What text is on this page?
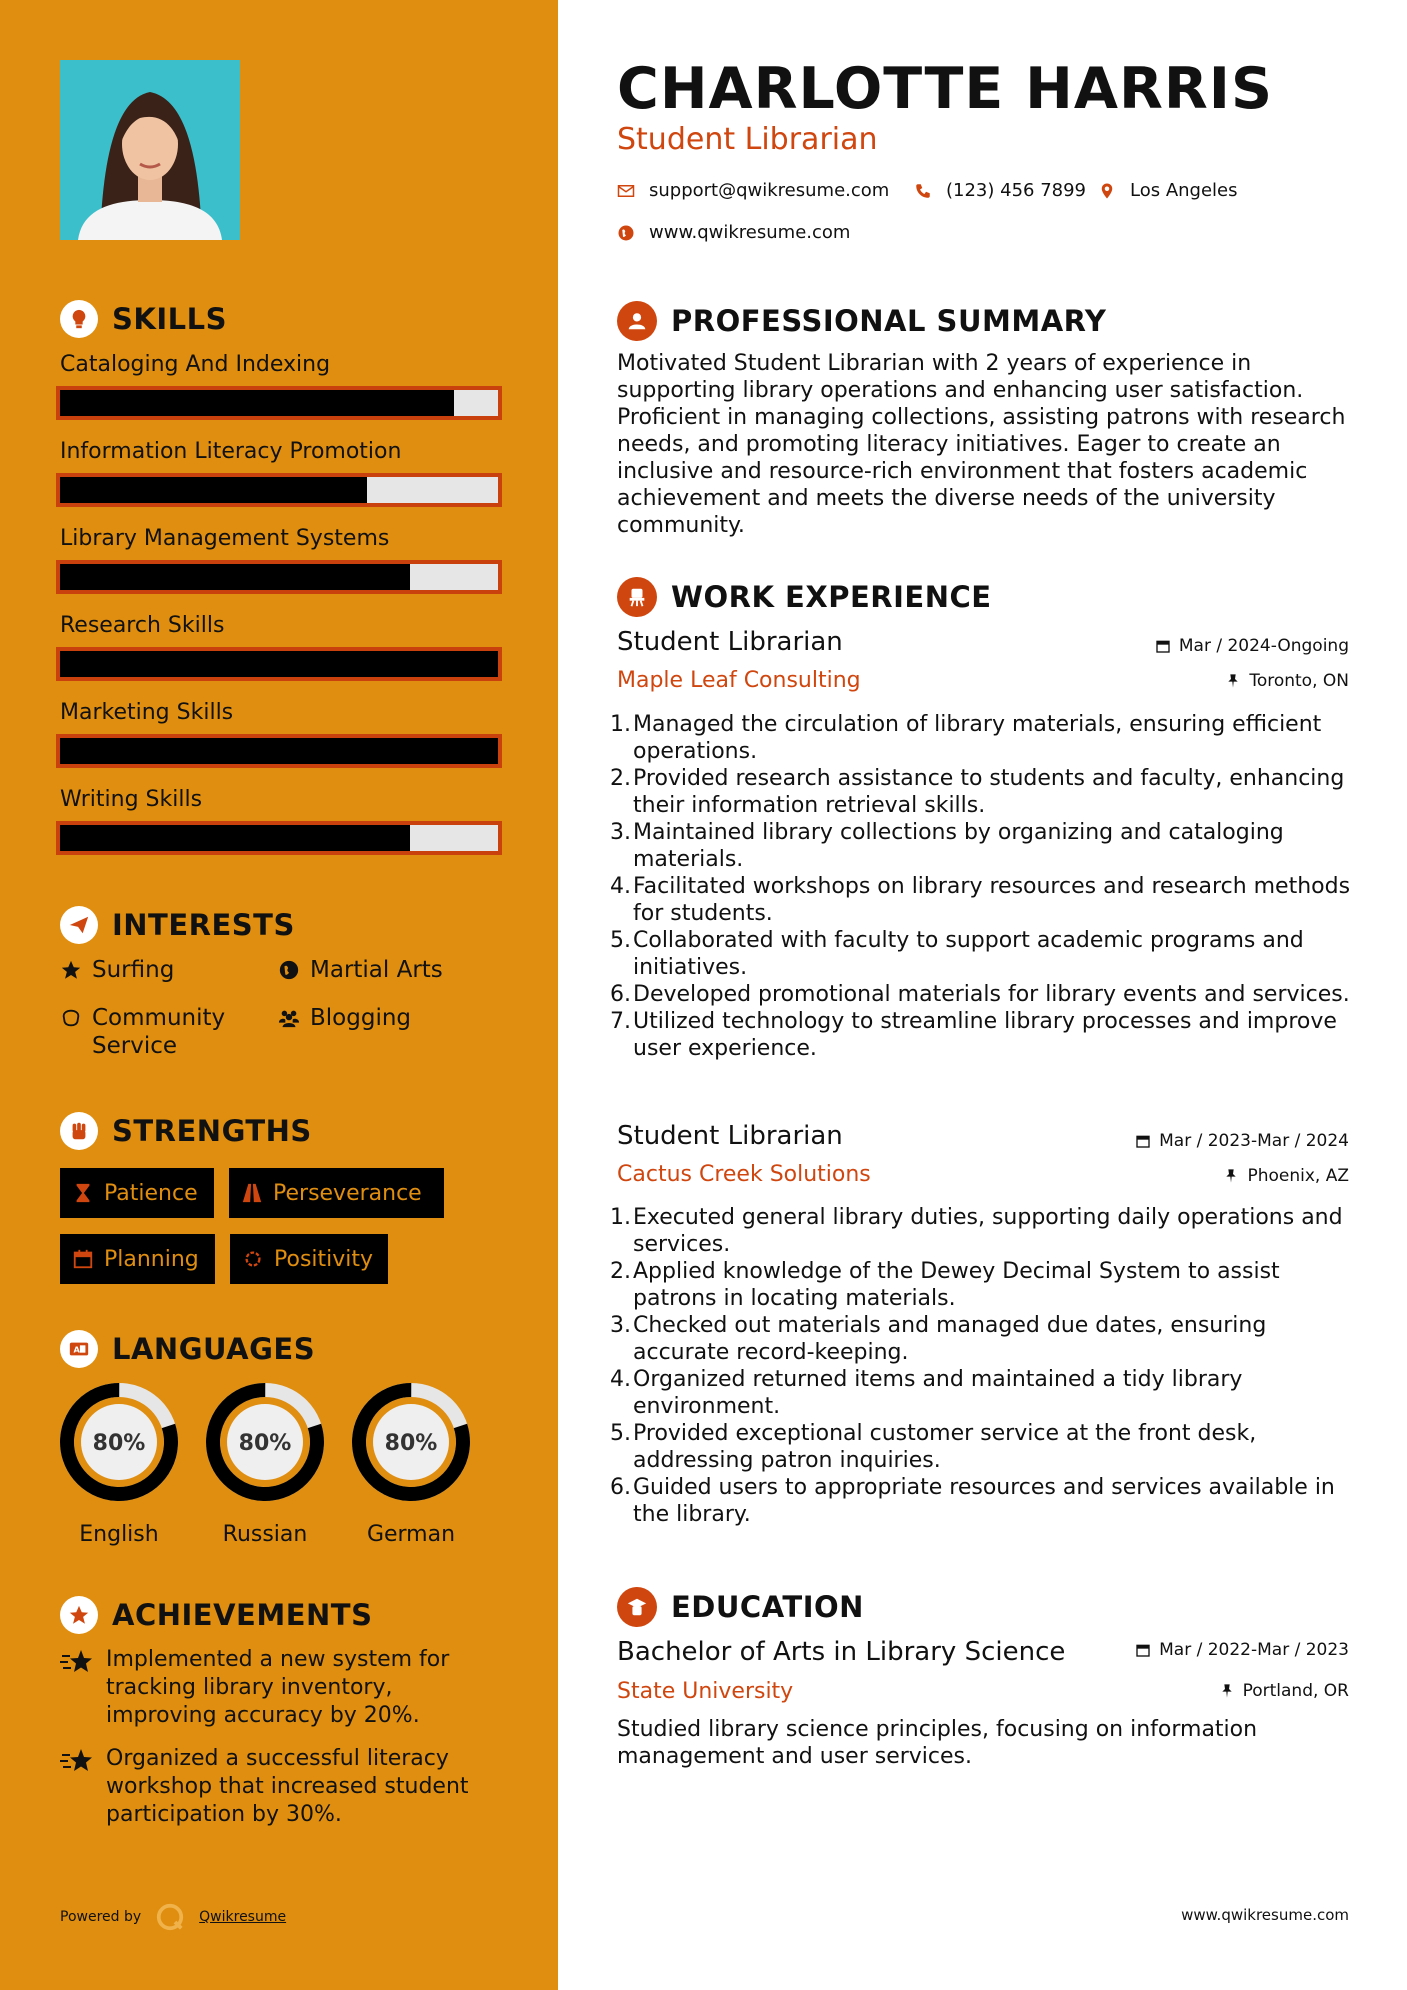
SKILLS
Cataloging And Indexing
Information Literacy Promotion
Library Management Systems
Research Skills
Marketing Skills
Writing Skills
INTERESTS
Surfing	Martial Arts
Community Service
Blogging
STRENGTHS
Patience	Perseverance
Planning	Positivity
A LANGUAGES
80%
English
80%
Russian
80%
German
ACHIEVEMENTS
Implemented a new system for tracking library inventory, improving accuracy by 20%.
Organized a successful literacy workshop that increased student participation by 30%.
Powered by	Qwikresume
CHARLOTTE HARRIS
Student Librarian
support@qwikresume.com	(123) 456 7899 Los Angeles
www.qwikresume.com
PROFESSIONAL SUMMARY
Motivated Student Librarian with 2 years of experience in supporting library operations and enhancing user satisfaction. Proficient in managing collections, assisting patrons with research needs, and promoting literacy initiatives. Eager to create an inclusive and resource-rich environment that fosters academic achievement and meets the diverse needs of the university community.
WORK EXPERIENCE
Student Librarian	Mar / 2024-Ongoing
Maple Leaf Consulting	Toronto, ON
1. Managed the circulation of library materials, ensuring efficient operations.
2. Provided research assistance to students and faculty, enhancing their information retrieval skills.
3. Maintained library collections by organizing and cataloging materials.
4. Facilitated workshops on library resources and research methods for students.
5. Collaborated with faculty to support academic programs and initiatives.
6. Developed promotional materials for library events and services.
7. Utilized technology to streamline library processes and improve user experience.
Student Librarian	Mar / 2023-Mar / 2024
Cactus Creek Solutions	Phoenix, AZ
1. Executed general library duties, supporting daily operations and services.
2. Applied knowledge of the Dewey Decimal System to assist patrons in locating materials.
3. Checked out materials and managed due dates, ensuring accurate record-keeping.
4. Organized returned items and maintained a tidy library environment.
5. Provided exceptional customer service at the front desk, addressing patron inquiries.
6. Guided users to appropriate resources and services available in the library.
EDUCATION
Bachelor of Arts in Library Science	Mar / 2022-Mar / 2023
State University	Portland, OR
Studied library science principles, focusing on information management and user services.
www.qwikresume.com
